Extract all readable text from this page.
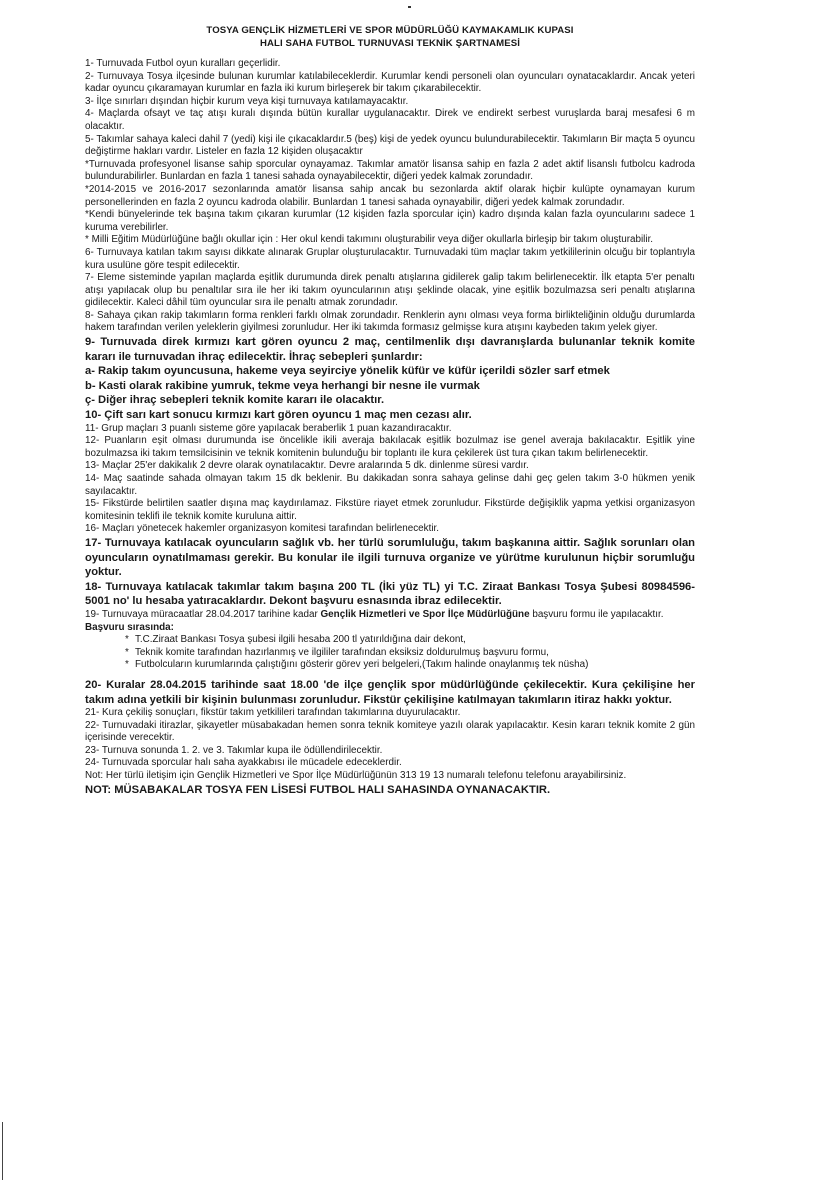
TOSYA GENÇLİK HİZMETLERİ VE SPOR MÜDÜRLÜĞÜ KAYMAKAMLIK KUPASI
HALI SAHA FUTBOL TURNUVASI TEKNİK ŞARTNAMESİ

1- Turnuvada Futbol oyun kuralları geçerlidir.

2- Turnuvaya Tosya ilçesinde bulunan kurumlar katılabileceklerdir. Kurumlar kendi personeli olan oyuncuları oynatacaklardır. Ancak yeteri kadar oyuncu çıkaramayan kurumlar en fazla iki kurum birleşerek bir takım çıkarabilecektir.

3- İlçe sınırları dışından hiçbir kurum veya kişi turnuvaya katılamayacaktır.

4- Maçlarda ofsayt ve taç atışı kuralı dışında bütün kurallar uygulanacaktır. Direk ve endirekt serbest vuruşlarda baraj mesafesi 6 m olacaktır.

5- Takımlar sahaya kaleci dahil 7 (yedi) kişi ile çıkacaklardır.5 (beş) kişi de yedek oyuncu bulundurabilecektir. Takımların Bir maçta 5 oyuncu değiştirme hakları vardır. Listeler en fazla 12 kişiden oluşacaktır

*Turnuvada profesyonel lisanse sahip sporcular oynayamaz. Takımlar amatör lisansa sahip en fazla 2 adet aktif lisanslı futbolcu kadroda bulundurabilirler. Bunlardan en fazla 1 tanesi sahada oynayabilecektir, diğeri yedek kalmak zorundadır.

*2014-2015 ve 2016-2017 sezonlarında amatör lisansa sahip ancak bu sezonlarda aktif olarak hiçbir kulüpte oynamayan kurum personellerinden en fazla 2 oyuncu kadroda olabilir. Bunlardan 1 tanesi sahada oynayabilir, diğeri yedek kalmak zorundadır.

*Kendi bünyelerinde tek başına takım çıkaran kurumlar (12 kişiden fazla sporcular için) kadro dışında kalan fazla oyuncularını sadece 1 kuruma verebilirler.

* Milli Eğitim Müdürlüğüne bağlı okullar için : Her okul kendi takımını oluşturabilir veya diğer okullarla birleşip bir takım oluşturabilir.

6- Turnuvaya katılan takım sayısı dikkate alınarak Gruplar oluşturulacaktır. Turnuvadaki tüm maçlar takım yetkililerinin olcuğu bir toplantıyla kura usulüne göre tespit edilecektir.

7- Eleme sisteminde yapılan maçlarda eşitlik durumunda direk penaltı atışlarına gidilerek galip takım belirlenecektir. İlk etapta 5'er penaltı atışı yapılacak olup bu penaltılar sıra ile her iki takım oyuncularının atışı şeklinde olacak, yine eşitlik bozulmazsa seri penaltı atışlarına gidilecektir. Kaleci dâhil tüm oyuncular sıra ile penaltı atmak zorundadır.

8- Sahaya çıkan rakip takımların forma renkleri farklı olmak zorundadır. Renklerin aynı olması veya forma birlikteliğinin olduğu durumlarda hakem tarafından verilen yeleklerin giyilmesi zorunludur. Her iki takımda formasız gelmişse kura atışını kaybeden takım yelek giyer.

9- Turnuvada direk kırmızı kart gören oyuncu 2 maç, centilmenlik dışı davranışlarda bulunanlar teknik komite kararı ile turnuvadan ihraç edilecektir. İhraç sebepleri şunlardır:

a- Rakip takım oyuncusuna, hakeme veya seyirciye yönelik küfür ve küfür içerildi sözler sarf etmek

b- Kasti olarak rakibine yumruk, tekme veya herhangi bir nesne ile vurmak

ç- Diğer ihraç sebepleri teknik komite kararı ile olacaktır.

10- Çift sarı kart sonucu kırmızı kart gören oyuncu 1 maç men cezası alır.

11- Grup maçları 3 puanlı sisteme göre yapılacak beraberlik 1 puan kazandıracaktır.

12- Puanların eşit olması durumunda ise öncelikle ikili averaja bakılacak eşitlik bozulmaz ise genel averaja bakılacaktır. Eşitlik yine bozulmazsa iki takım temsilcisinin ve teknik komitenin bulunduğu bir toplantı ile kura çekilerek üst tura çıkan takım belirlenecektir.

13- Maçlar 25'er dakikalık 2 devre olarak oynatılacaktır. Devre aralarında 5 dk. dinlenme süresi vardır.

14- Maç saatinde sahada olmayan takım 15 dk beklenir. Bu dakikadan sonra sahaya gelinse dahi geç gelen takım 3-0 hükmen yenik sayılacaktır.

15- Fikstürde belirtilen saatler dışına maç kaydırılamaz. Fikstüre riayet etmek zorunludur. Fikstürde değişiklik yapma yetkisi organizasyon komitesinin teklifi ile teknik komite kuruluna aittir.

16- Maçları yönetecek hakemler organizasyon komitesi tarafından belirlenecektir.

17- Turnuvaya katılacak oyuncuların sağlık vb. her türlü sorumluluğu, takım başkanına aittir. Sağlık sorunları olan oyuncuların oynatılmaması gerekir. Bu konular ile ilgili turnuva organize ve yürütme kurulunun hiçbir sorumluğu yoktur.

18- Turnuvaya katılacak takımlar takım başına 200 TL (İki yüz TL) yi T.C. Ziraat Bankası Tosya Şubesi 80984596-5001 no' lu hesaba yatıracaklardır. Dekont başvuru esnasında ibraz edilecektir.

19- Turnuvaya müracaatlar 28.04.2017 tarihine kadar Gençlik Hizmetleri ve Spor İlçe Müdürlüğüne başvuru formu ile yapılacaktır.

Başvuru sırasında:

* T.C.Ziraat Bankası Tosya şubesi ilgili hesaba 200 tl yatırıldığına dair dekont,
* Teknik komite tarafından hazırlanmış ve ilgililer tarafından eksiksiz doldurulmuş başvuru formu,
* Futbolcuların kurumlarında çalıştığını gösterir görev yeri belgeleri,(Takım halinde onaylanmış tek nüsha)

20- Kuralar 28.04.2015 tarihinde saat 18.00 'de ilçe gençlik spor müdürlüğünde çekilecektir. Kura çekilişine her takım adına yetkili bir kişinin bulunması zorunludur. Fikstür çekilişine katılmayan takımların itiraz hakkı yoktur.

21- Kura çekiliş sonuçları, fikstür takım yetkilileri tarafından takımlarına duyurulacaktır.

22- Turnuvadaki itirazlar, şikayetler müsabakadan hemen sonra teknik komiteye yazılı olarak yapılacaktır. Kesin kararı teknik komite 2 gün içerisinde verecektir.

23- Turnuva sonunda 1. 2. ve 3. Takımlar kupa ile ödüllendirilecektir.

24- Turnuvada sporcular halı saha ayakkabısı ile mücadele edeceklerdir.

Not: Her türlü iletişim için Gençlik Hizmetleri ve Spor İlçe Müdürlüğünün 313 19 13 numaralı telefonu telefonu arayabilirsiniz.

NOT: MÜSABAKALAR TOSYA FEN LİSESİ FUTBOL HALI SAHASINDA OYNANACAKTIR.
